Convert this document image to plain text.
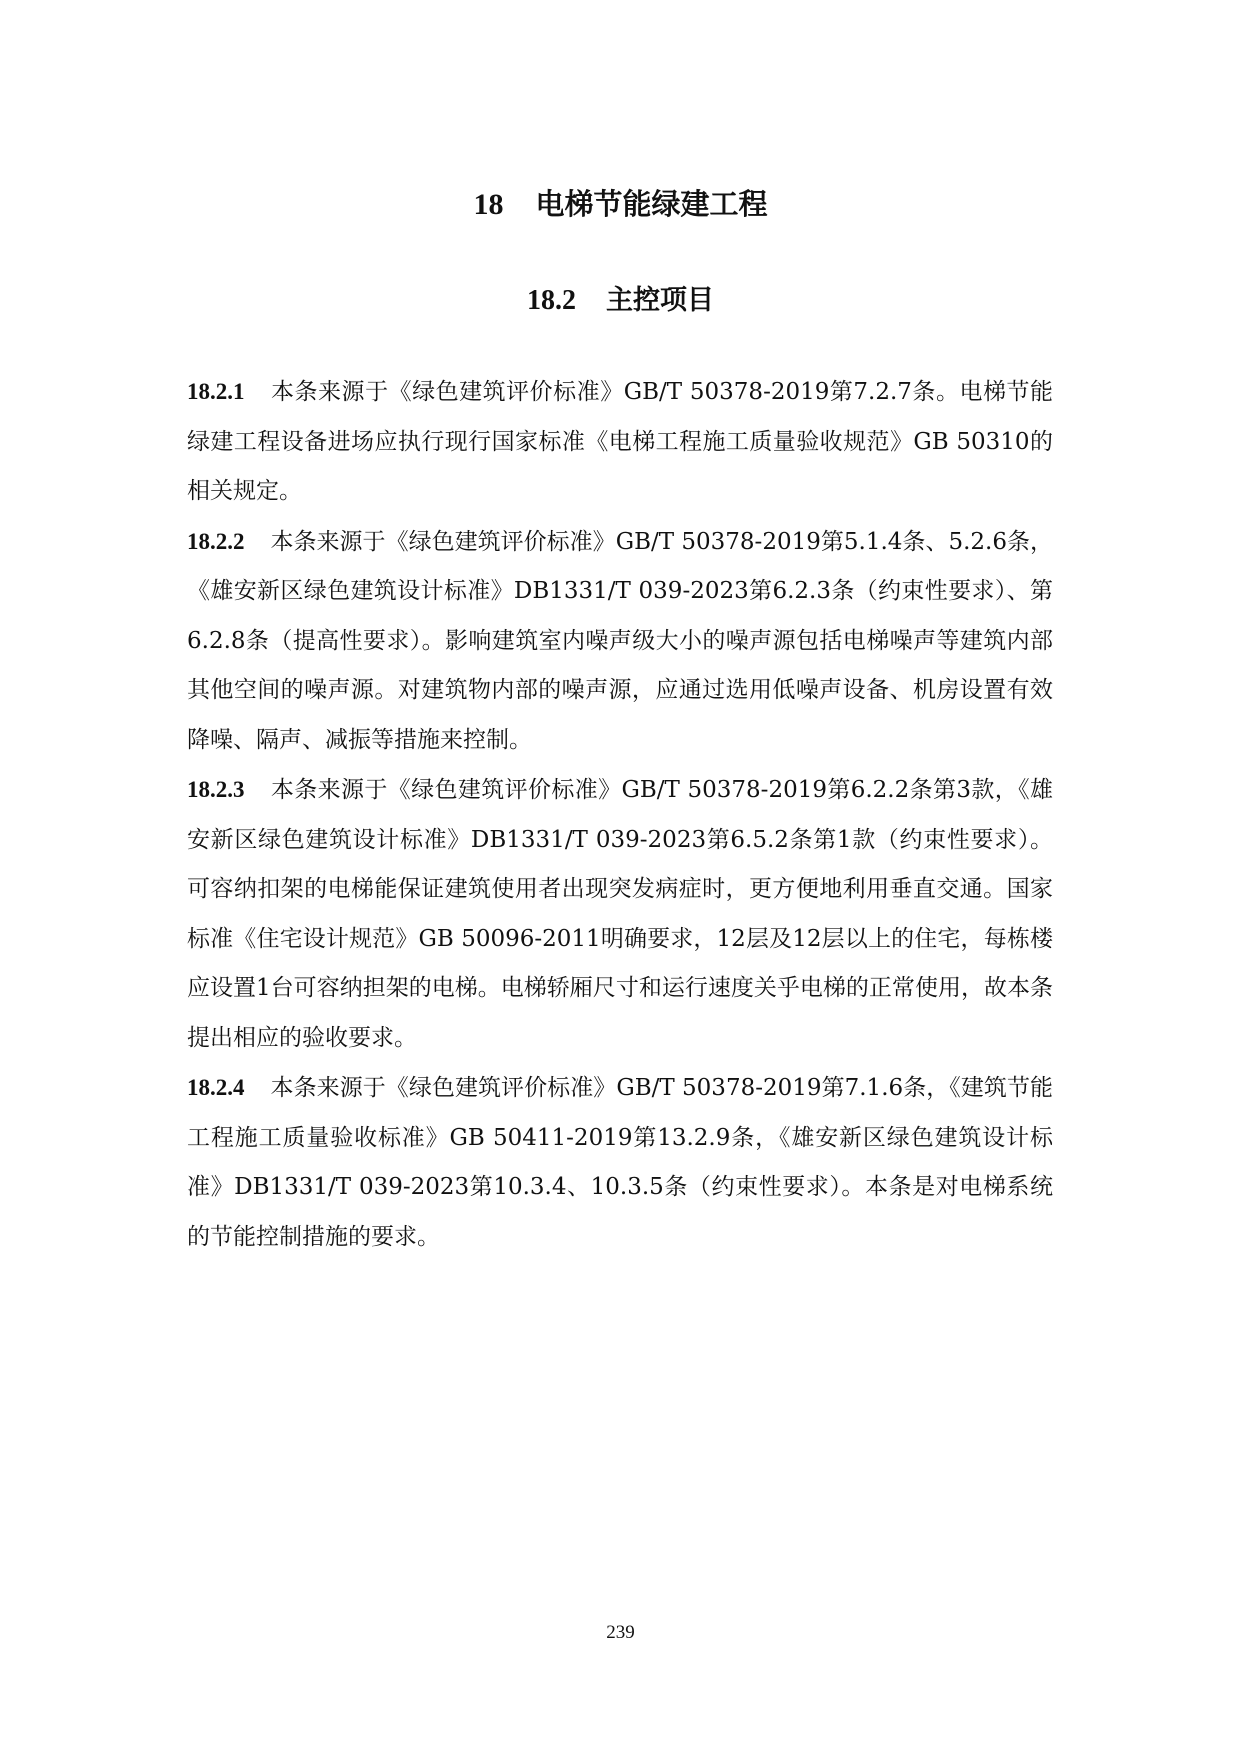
18 电梯节能绿建工程
18.2 主控项目

18.2.1 本条来源于《绿色建筑评价标准》GB/T 50378-2019第7.2.7条。电梯节能绿建工程设备进场应执行现行国家标准《电梯工程施工质量验收规范》GB 50310的相关规定。

18.2.2 本条来源于《绿色建筑评价标准》GB/T 50378-2019第5.1.4条、5.2.6条，《雄安新区绿色建筑设计标准》DB1331/T 039-2023第6.2.3条（约束性要求）、第6.2.8条（提高性要求）。影响建筑室内噪声级大小的噪声源包括电梯噪声等建筑内部其他空间的噪声源。对建筑物内部的噪声源，应通过选用低噪声设备、机房设置有效降噪、隔声、减振等措施来控制。

18.2.3 本条来源于《绿色建筑评价标准》GB/T 50378-2019第6.2.2条第3款，《雄安新区绿色建筑设计标准》DB1331/T 039-2023第6.5.2条第1款（约束性要求）。可容纳扣架的电梯能保证建筑使用者出现突发病症时，更方便地利用垂直交通。国家标准《住宅设计规范》GB 50096-2011明确要求，12层及12层以上的住宅，每栋楼应设置1台可容纳担架的电梯。电梯轿厢尺寸和运行速度关乎电梯的正常使用，故本条提出相应的验收要求。

18.2.4 本条来源于《绿色建筑评价标准》GB/T 50378-2019第7.1.6条，《建筑节能工程施工质量验收标准》GB 50411-2019第13.2.9条，《雄安新区绿色建筑设计标准》DB1331/T 039-2023第10.3.4、10.3.5条（约束性要求）。本条是对电梯系统的节能控制措施的要求。

239
